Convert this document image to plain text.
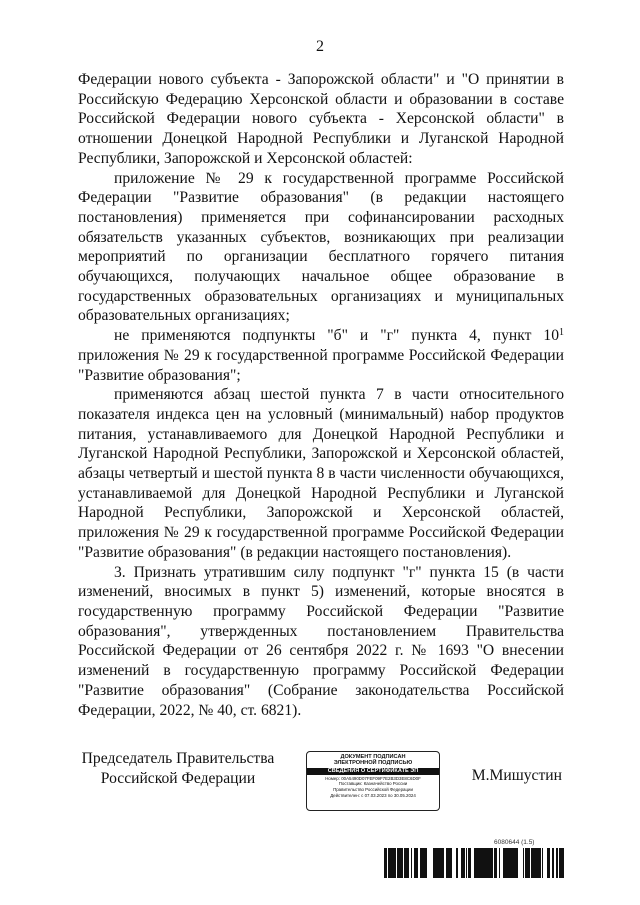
2

Федерации нового субъекта - Запорожской области" и "О принятии в Российскую Федерацию Херсонской области и образовании в составе Российской Федерации нового субъекта - Херсонской области" в отношении Донецкой Народной Республики и Луганской Народной Республики, Запорожской и Херсонской областей:

приложение № 29 к государственной программе Российской Федерации "Развитие образования" (в редакции настоящего постановления) применяется при софинансировании расходных обязательств указанных субъектов, возникающих при реализации мероприятий по организации бесплатного горячего питания обучающихся, получающих начальное общее образование в государственных образовательных организациях и муниципальных образовательных организациях;

не применяются подпункты "б" и "г" пункта 4, пункт $10^1$ приложения № 29 к государственной программе Российской Федерации "Развитие образования";

применяются абзац шестой пункта 7 в части относительного показателя индекса цен на условный (минимальный) набор продуктов питания, устанавливаемого для Донецкой Народной Республики и Луганской Народной Республики, Запорожской и Херсонской областей, абзацы четвертый и шестой пункта 8 в части численности обучающихся, устанавливаемой для Донецкой Народной Республики и Луганской Народной Республики, Запорожской и Херсонской областей, приложения № 29 к государственной программе Российской Федерации "Развитие образования" (в редакции настоящего постановления).

3. Признать утратившим силу подпункт "г" пункта 15 (в части изменений, вносимых в пункт 5) изменений, которые вносятся в государственную программу Российской Федерации "Развитие образования", утвержденных постановлением Правительства Российской Федерации от 26 сентября 2022 г. № 1693 "О внесении изменений в государственную программу Российской Федерации "Развитие образования" (Собрание законодательства Российской Федерации, 2022, № 40, ст. 6821).

Председатель Правительства
Российской Федерации
ДОКУМЕНТ ПОДПИСАН
ЭЛЕКТРОННОЙ ПОДПИСЬЮ
СВЕДЕНИЯ О СЕРТИФИКАТЕ ЭП
Номер: 00A5490D07FEF09F7E2B3D3E8C6D0F
Поставщик: Казначейство России
Правительство Российской Федерации
Действителен: с 07.03.2023 по 30.05.2024
М.Мишустин
6080644 (1.5)
